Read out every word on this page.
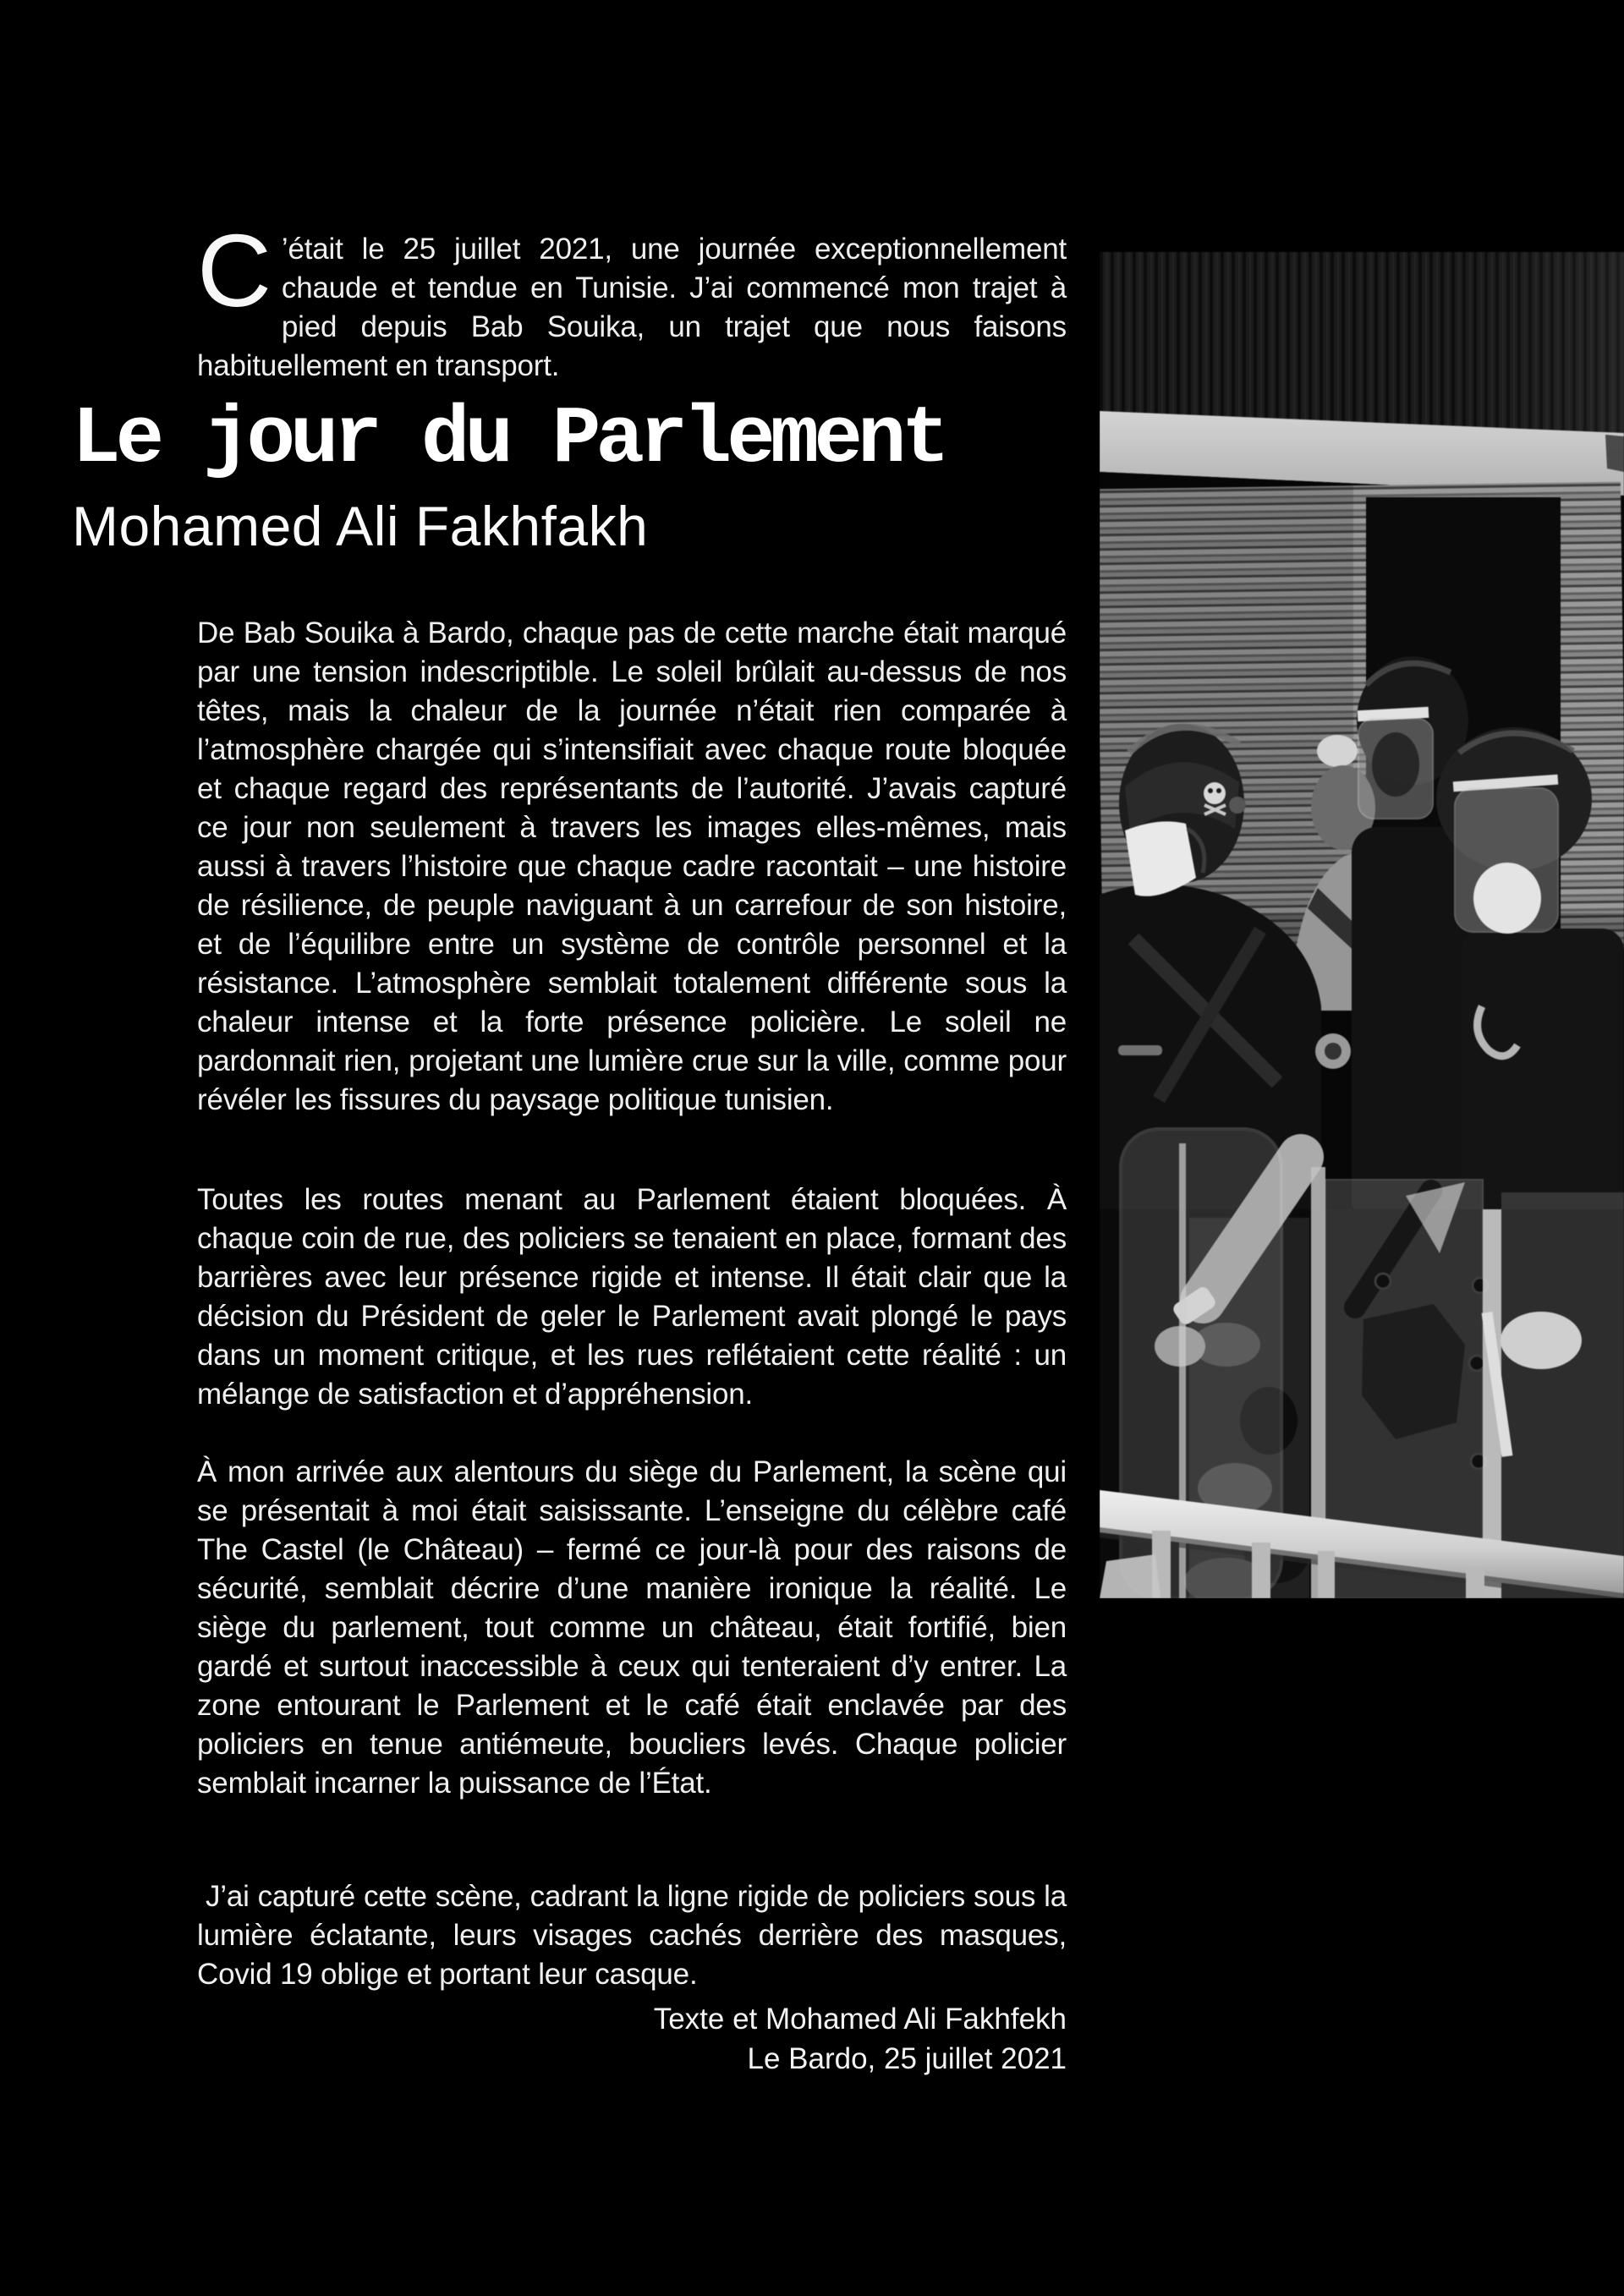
C ’était le 25 juillet 2021, une journée exceptionnellement chaude et tendue en Tunisie. J’ai commencé mon trajet à pied depuis Bab Souika, un trajet que nous faisons habituellement en transport.

Le jour du Parlement
Mohamed Ali Fakhfakh

De Bab Souika à Bardo, chaque pas de cette marche était marqué par une tension indescriptible. Le soleil brûlait au-dessus de nos têtes, mais la chaleur de la journée n’était rien comparée à l’atmosphère chargée qui s’intensifiait avec chaque route bloquée et chaque regard des représentants de l’autorité. J’avais capturé ce jour non seulement à travers les images elles-mêmes, mais aussi à travers l’histoire que chaque cadre racontait – une histoire de résilience, de peuple naviguant à un carrefour de son histoire, et de l’équilibre entre un système de contrôle personnel et la résistance. L’atmosphère semblait totalement différente sous la chaleur intense et la forte présence policière. Le soleil ne pardonnait rien, projetant une lumière crue sur la ville, comme pour révéler les fissures du paysage politique tunisien.

Toutes les routes menant au Parlement étaient bloquées. À chaque coin de rue, des policiers se tenaient en place, formant des barrières avec leur présence rigide et intense. Il était clair que la décision du Président de geler le Parlement avait plongé le pays dans un moment critique, et les rues reflétaient cette réalité : un mélange de satisfaction et d’appréhension.

À mon arrivée aux alentours du siège du Parlement, la scène qui se présentait à moi était saisissante. L’enseigne du célèbre café The Castel (le Château) – fermé ce jour-là pour des raisons de sécurité, semblait décrire d’une manière ironique la réalité. Le siège du parlement, tout comme un château, était fortifié, bien gardé et surtout inaccessible à ceux qui tenteraient d’y entrer. La zone entourant le Parlement et le café était enclavée par des policiers en tenue antiémeute, boucliers levés. Chaque policier semblait incarner la puissance de l’État.

J’ai capturé cette scène, cadrant la ligne rigide de policiers sous la lumière éclatante, leurs visages cachés derrière des masques, Covid 19 oblige et portant leur casque.

Texte et Mohamed Ali Fakhfekh
Le Bardo, 25 juillet 2021
